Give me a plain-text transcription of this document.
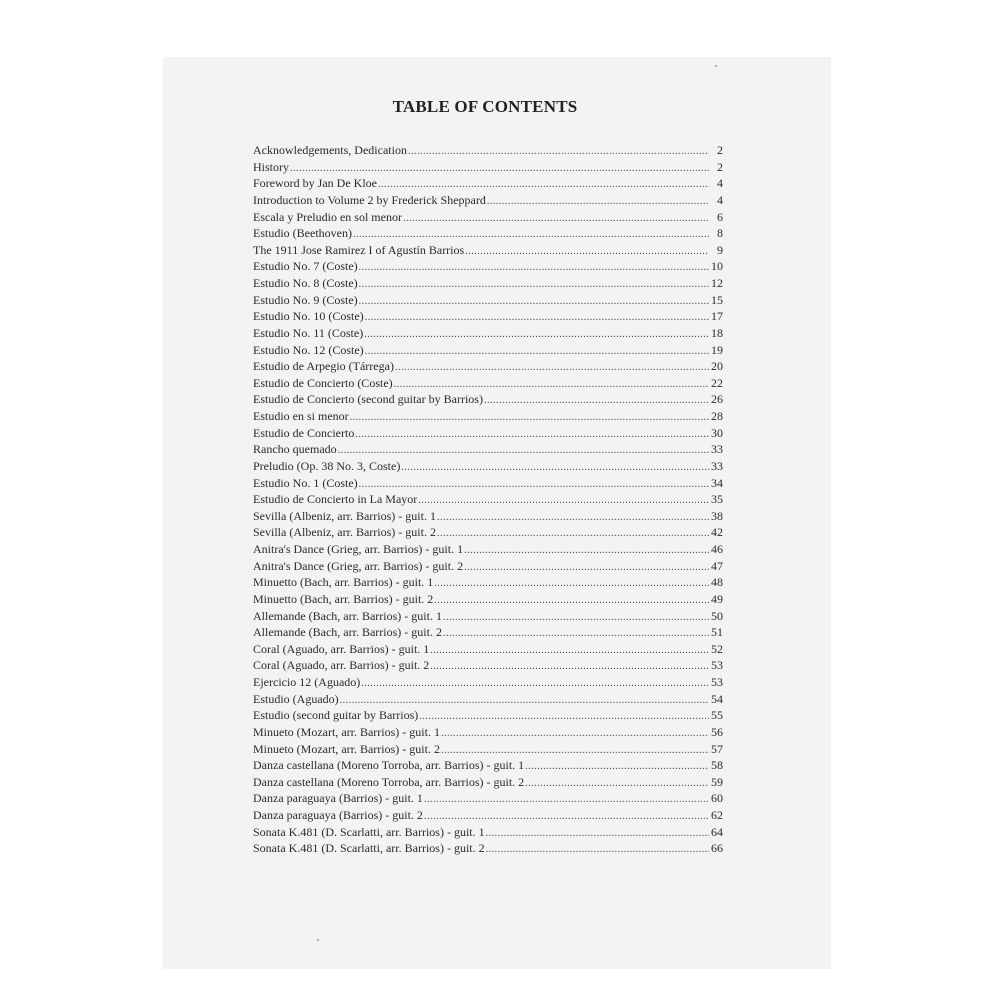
TABLE OF CONTENTS
Acknowledgements, Dedication .....	2
History .....	2
Foreword by Jan De Kloe .....	4
Introduction to Volume 2 by Frederick Sheppard .....	4
Escala y Preludio en sol menor .....	6
Estudio (Beethoven) .....	8
The 1911 Jose Ramirez I of Agustín Barrios .....	9
Estudio No. 7 (Coste) .....	10
Estudio No. 8 (Coste) .....	12
Estudio No. 9 (Coste) .....	15
Estudio No. 10 (Coste) .....	17
Estudio No. 11 (Coste) .....	18
Estudio No. 12 (Coste) .....	19
Estudio de Arpegio (Tárrega) .....	20
Estudio de Concierto (Coste) .....	22
Estudio de Concierto (second guitar by Barrios) .....	26
Estudio en si menor .....	28
Estudio de Concierto .....	30
Rancho quemado .....	33
Preludio (Op. 38 No. 3, Coste) .....	33
Estudio No. 1 (Coste) .....	34
Estudio de Concierto in La Mayor .....	35
Sevilla (Albeniz, arr. Barrios) - guit. 1 .....	38
Sevilla (Albeniz, arr. Barrios) - guit. 2 .....	42
Anitra's Dance (Grieg, arr. Barrios) - guit. 1 .....	46
Anitra's Dance (Grieg, arr. Barrios) - guit. 2 .....	47
Minuetto (Bach, arr. Barrios) - guit. 1 .....	48
Minuetto (Bach, arr. Barrios) - guit. 2 .....	49
Allemande (Bach, arr. Barrios) - guit. 1 .....	50
Allemande (Bach, arr. Barrios) - guit. 2 .....	51
Coral (Aguado, arr. Barrios) - guit. 1 .....	52
Coral (Aguado, arr. Barrios) - guit. 2 .....	53
Ejercicio 12 (Aguado) .....	53
Estudio (Aguado) .....	54
Estudio (second guitar by Barrios) .....	55
Minueto (Mozart, arr. Barrios) - guit. 1 .....	56
Minueto (Mozart, arr. Barrios) - guit. 2 .....	57
Danza castellana (Moreno Torroba, arr. Barrios) - guit. 1 .....	58
Danza castellana (Moreno Torroba, arr. Barrios) - guit. 2 .....	59
Danza paraguaya (Barrios) - guit. 1 .....	60
Danza paraguaya (Barrios) - guit. 2 .....	62
Sonata K.481 (D. Scarlatti, arr. Barrios) - guit. 1 .....	64
Sonata K.481 (D. Scarlatti, arr. Barrios) - guit. 2 .....	66
